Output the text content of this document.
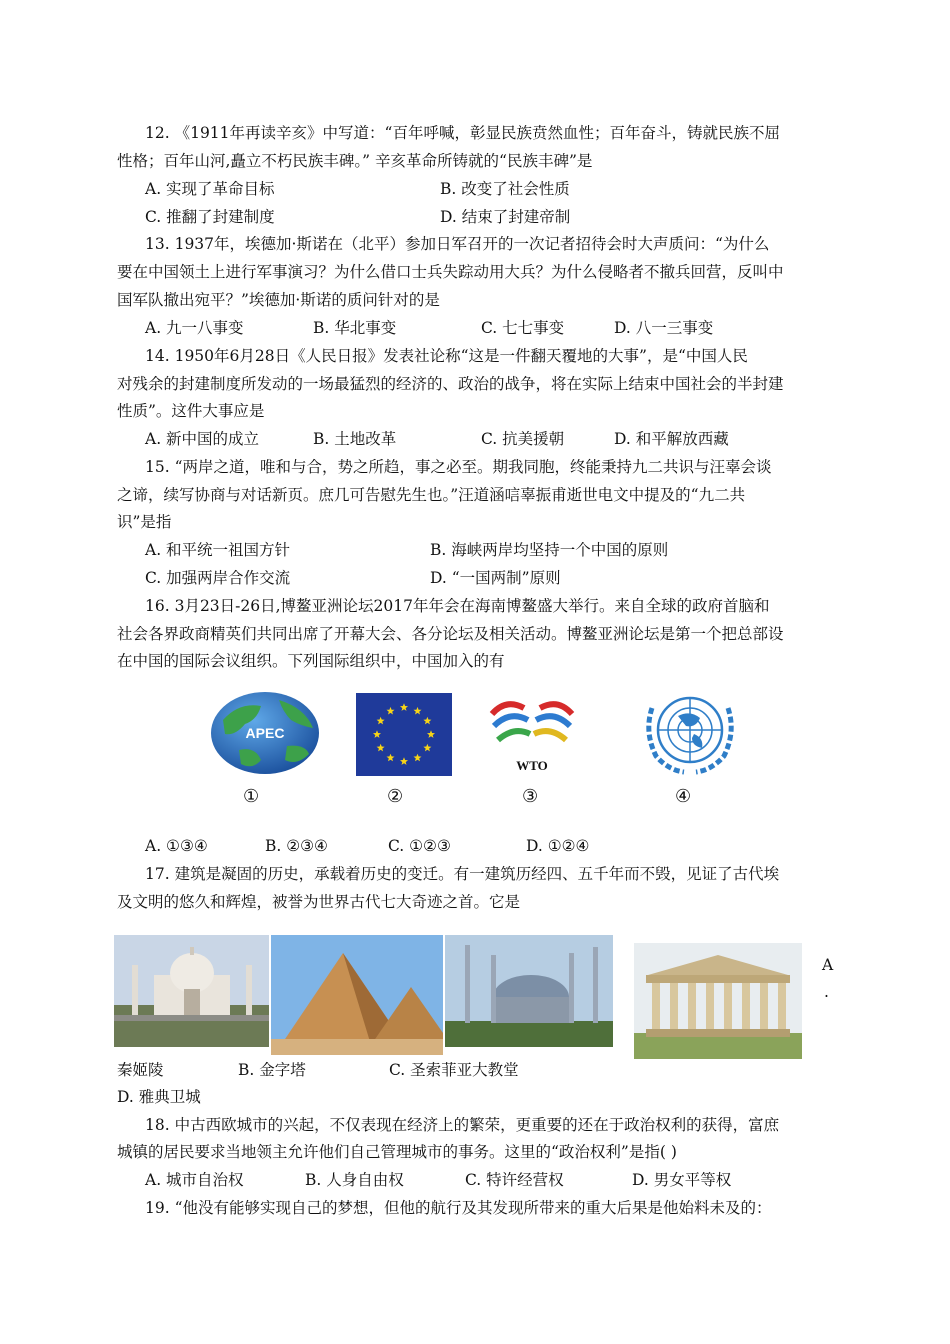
12. 《1911年再读辛亥》中写道：“百年呼喊，彰显民族贲然血性；百年奋斗，铸就民族不屈
性格；百年山河,矗立不朽民族丰碑。” 辛亥革命所铸就的“民族丰碑”是
A. 实现了革命目标	B. 改变了社会性质
C. 推翻了封建制度	D. 结束了封建帝制
13. 1937年，埃德加·斯诺在（北平）参加日军召开的一次记者招待会时大声质问：“为什么
要在中国领土上进行军事演习？为什么借口士兵失踪动用大兵？为什么侵略者不撤兵回营，反叫中
国军队撤出宛平？”埃德加·斯诺的质问针对的是
A. 九一八事变	B. 华北事变	C. 七七事变	D. 八一三事变
14. 1950年6月28日《人民日报》发表社论称“这是一件翻天覆地的大事”，是“中国人民
对残余的封建制度所发动的一场最猛烈的经济的、政治的战争，将在实际上结束中国社会的半封建
性质”。这件大事应是
A. 新中国的成立	B. 土地改革	C. 抗美援朝	D. 和平解放西藏
15. “两岸之道，唯和与合，势之所趋，事之必至。期我同胞，终能秉持九二共识与汪辜会谈
之谛，续写协商与对话新页。庶几可告慰先生也。”汪道涵唁辜振甫逝世电文中提及的“九二共
识”是指
A. 和平统一祖国方针	B. 海峡两岸均坚持一个中国的原则
C. 加强两岸合作交流	D. “一国两制”原则
16. 3月23日-26日,博鳌亚洲论坛2017年年会在海南博鳌盛大举行。来自全球的政府首脑和
社会各界政商精英们共同出席了开幕大会、各分论坛及相关活动。博鳌亚洲论坛是第一个把总部设
在中国的国际会议组织。下列国际组织中，中国加入的有
APEC
WTO
①	②	③	④
A. ①③④	B. ②③④	C. ①②③	D. ①②④
17. 建筑是凝固的历史，承载着历史的变迁。有一建筑历经四、五千年而不毁，见证了古代埃
及文明的悠久和辉煌，被誉为世界古代七大奇迹之首。它是
A
.
秦姬陵	B. 金字塔	C. 圣索菲亚大教堂
D. 雅典卫城
18. 中古西欧城市的兴起，不仅表现在经济上的繁荣，更重要的还在于政治权利的获得，富庶
城镇的居民要求当地领主允许他们自己管理城市的事务。这里的“政治权利”是指( )
A. 城市自治权	B. 人身自由权	C. 特许经营权	D. 男女平等权
19. “他没有能够实现自己的梦想，但他的航行及其发现所带来的重大后果是他始料未及的：
